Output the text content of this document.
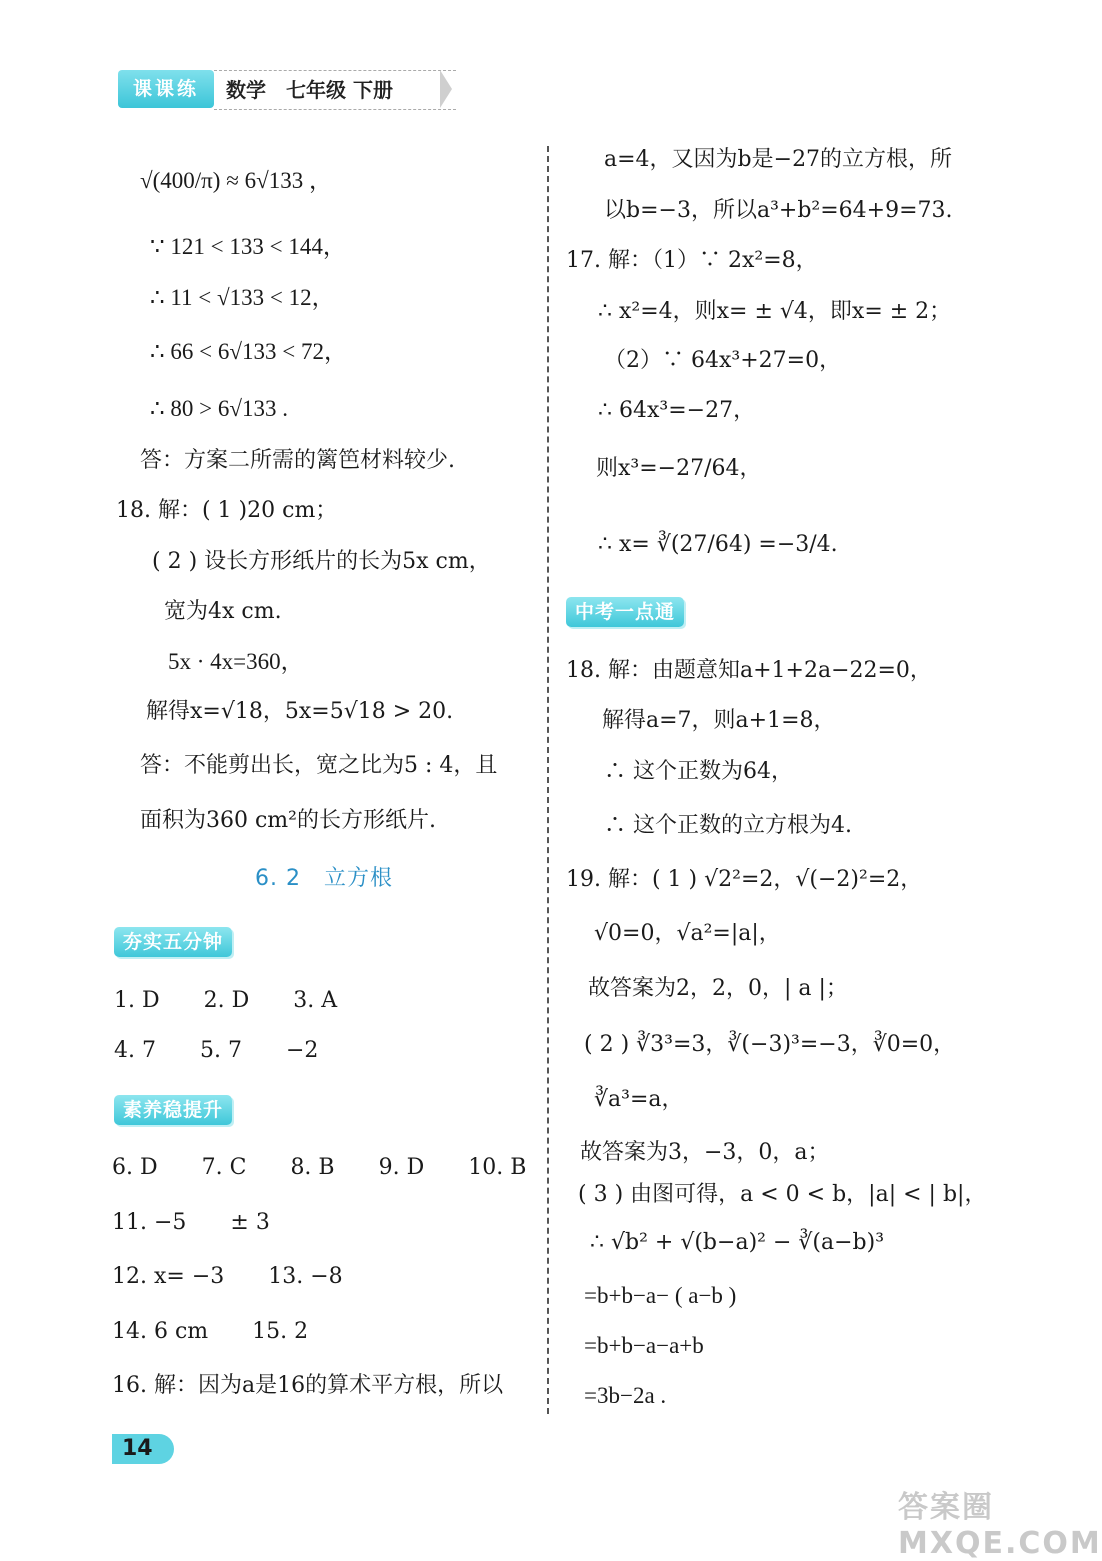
课课练	数学　七年级 下册
√(400/π) ≈ 6√133 ，
∵ 121 < 133 < 144，
∴ 11 < √133 < 12，
∴ 66 < 6√133 < 72，
∴ 80 > 6√133 .
答：方案二所需的篱笆材料较少.
18. 解：( 1 )20 cm；
( 2 ) 设长方形纸片的长为5x cm，
宽为4x cm.
5x · 4x=360，
解得x=√18，5x=5√18 > 20.
答：不能剪出长，宽之比为5 : 4，且
面积为360 cm²的长方形纸片.
6. 2　立方根
夯实五分钟
1. D　　2. D　　3. A
4. 7　　5. 7　　−2
素养稳提升
6. D　　7. C　　8. B　　9. D　　10. B
11. −5　　± 3
12. x= −3　　13. −8
14. 6 cm　　15. 2
16. 解：因为a是16的算术平方根，所以
a=4，又因为b是−27的立方根，所
以b=−3，所以a³+b²=64+9=73.
17. 解：（1）∵ 2x²=8，
∴ x²=4，则x= ± √4，即x= ± 2；
（2）∵ 64x³+27=0，
∴ 64x³=−27，
则x³=−27/64，
∴ x= ∛(27/64) =−3/4.
中考一点通
18. 解：由题意知a+1+2a−22=0，
解得a=7，则a+1=8，
∴ 这个正数为64，
∴ 这个正数的立方根为4.
19. 解：( 1 ) √2²=2，√(−2)²=2，
√0=0，√a²=|a|，
故答案为2，2，0，| a |；
( 2 ) ∛3³=3，∛(−3)³=−3，∛0=0，
∛a³=a，
故答案为3，−3，0，a；
( 3 ) 由图可得，a < 0 < b，|a| < | b|，
∴ √b² + √(b−a)² − ∛(a−b)³
=b+b−a− ( a−b )
=b+b−a−a+b
=3b−2a .
14
答案圈 MXQE.COM
